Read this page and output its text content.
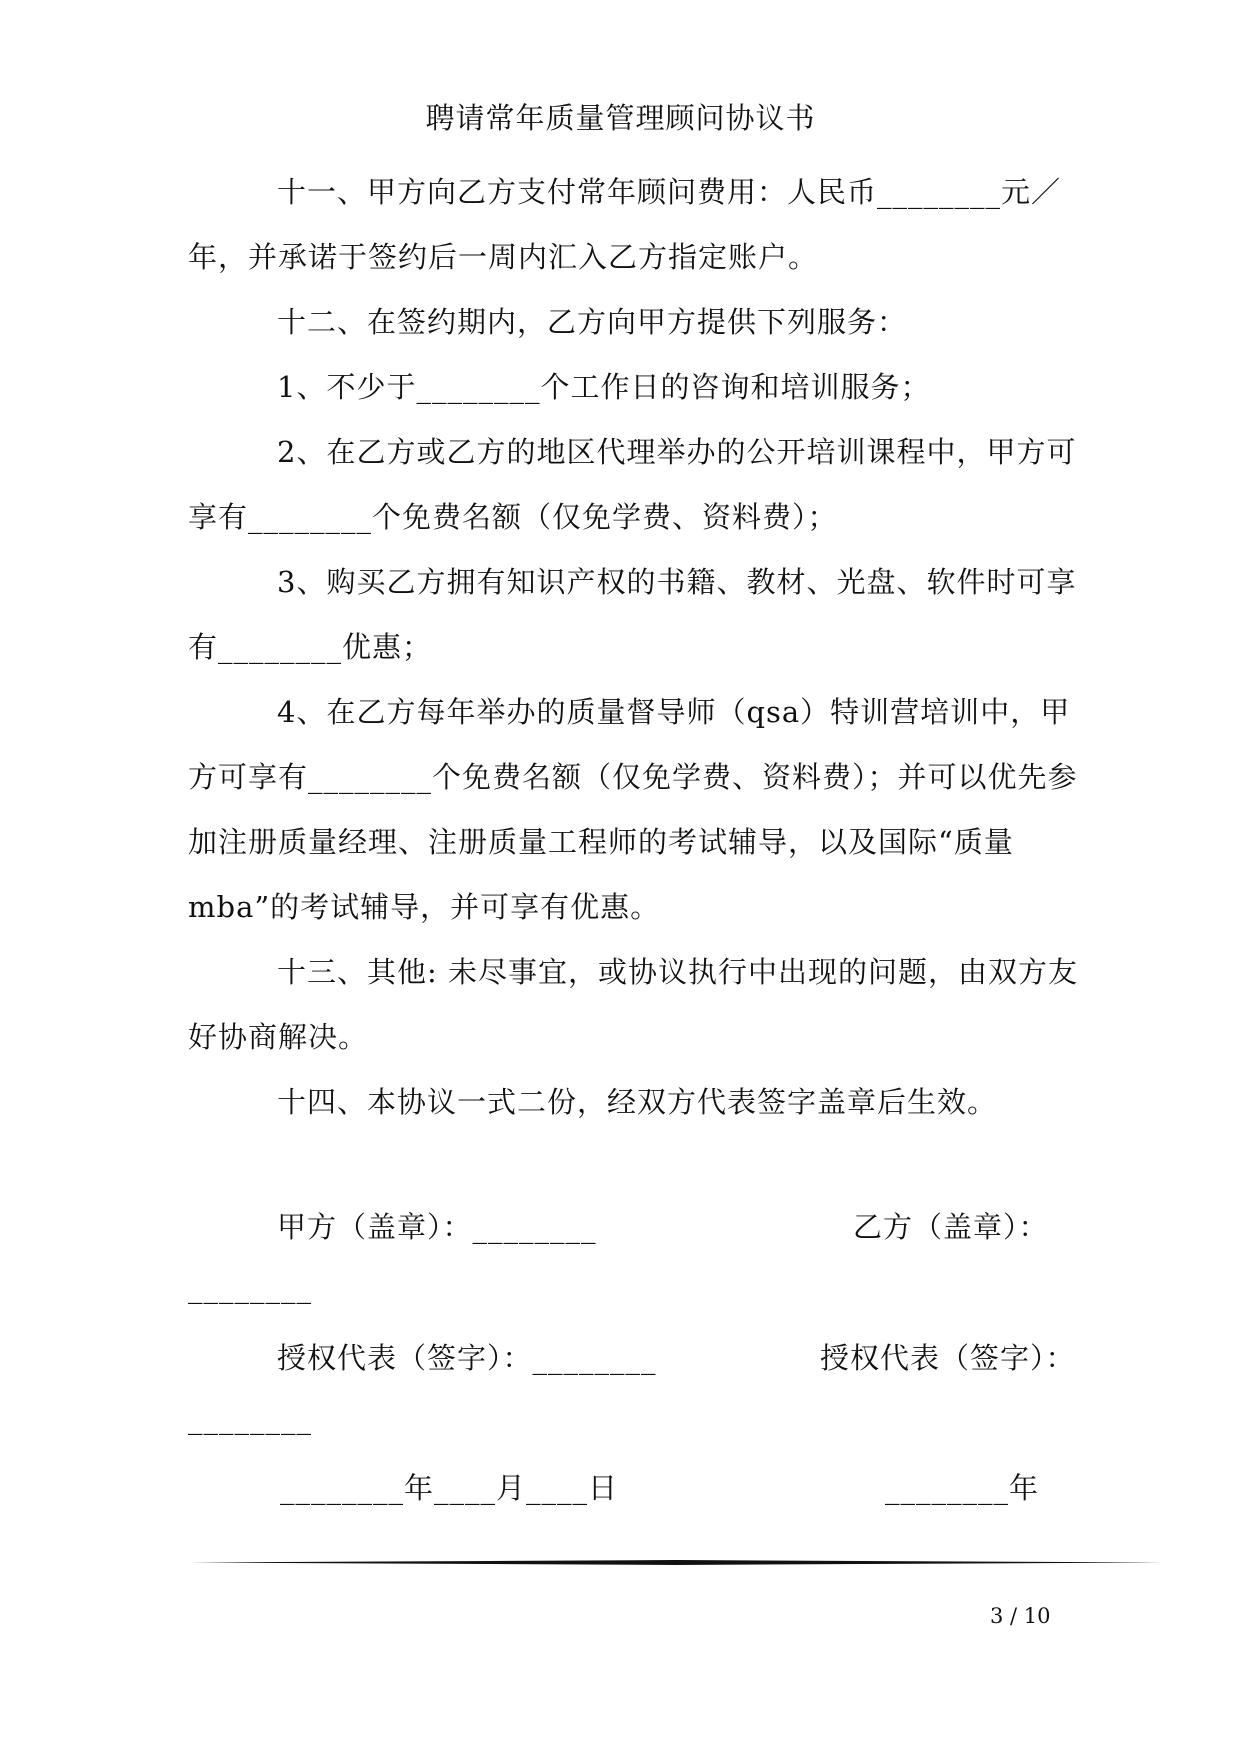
聘请常年质量管理顾问协议书
十一、甲方向乙方支付常年顾问费用：人民币________元／
年，并承诺于签约后一周内汇入乙方指定账户。
十二、在签约期内，乙方向甲方提供下列服务：
1、不少于________个工作日的咨询和培训服务；
2、在乙方或乙方的地区代理举办的公开培训课程中，甲方可
享有________个免费名额（仅免学费、资料费）；
3、购买乙方拥有知识产权的书籍、教材、光盘、软件时可享
有________优惠；
4、在乙方每年举办的质量督导师（qsa）特训营培训中，甲
方可享有________个免费名额（仅免学费、资料费）；并可以优先参
加注册质量经理、注册质量工程师的考试辅导，以及国际“质量
mba”的考试辅导，并可享有优惠。
十三、其他: 未尽事宜，或协议执行中出现的问题，由双方友
好协商解决。
十四、本协议一式二份，经双方代表签字盖章后生效。
甲方（盖章）：________	乙方（盖章）：
________
授权代表（签字）：________	授权代表（签字）：
________
________年____月____日	________年
3 / 10
